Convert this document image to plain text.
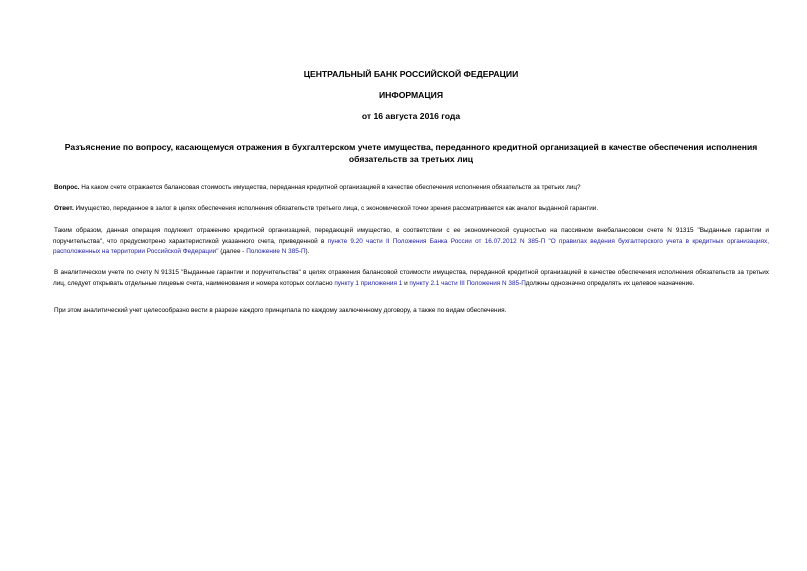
ЦЕНТРАЛЬНЫЙ БАНК РОССИЙСКОЙ ФЕДЕРАЦИИ
ИНФОРМАЦИЯ
от 16 августа 2016 года
Разъяснение по вопросу, касающемуся отражения в бухгалтерском учете имущества, переданного кредитной организацией в качестве обеспечения исполнения обязательств за третьих лиц
Вопрос. На каком счете отражается балансовая стоимость имущества, переданная кредитной организацией в качестве обеспечения исполнения обязательств за третьих лиц?
Ответ. Имущество, переданное в залог в целях обеспечения исполнения обязательств третьего лица, с экономической точки зрения рассматривается как аналог выданной гарантии.
Таким образом, данная операция подлежит отражению кредитной организацией, передающей имущество, в соответствии с ее экономической сущностью на пассивном внебалансовом счете N 91315 "Выданные гарантии и поручительства", что предусмотрено характеристикой указанного счета, приведенной в пункте 9.20 части II Положения Банка России от 16.07.2012 N 385-П "О правилах ведения бухгалтерского учета в кредитных организациях, расположенных на территории Российской Федерации" (далее - Положение N 385-П).
В аналитическом учете по счету N 91315 "Выданные гарантии и поручительства" в целях отражения балансовой стоимости имущества, переданной кредитной организацией в качестве обеспечения исполнения обязательств за третьих лиц, следует открывать отдельные лицевые счета, наименования и номера которых согласно пункту 1 приложения 1 и пункту 2.1 части III Положения N 385-Пдолжны однозначно определять их целевое назначение.
При этом аналитический учет целесообразно вести в разрезе каждого принципала по каждому заключенному договору, а также по видам обеспечения.
